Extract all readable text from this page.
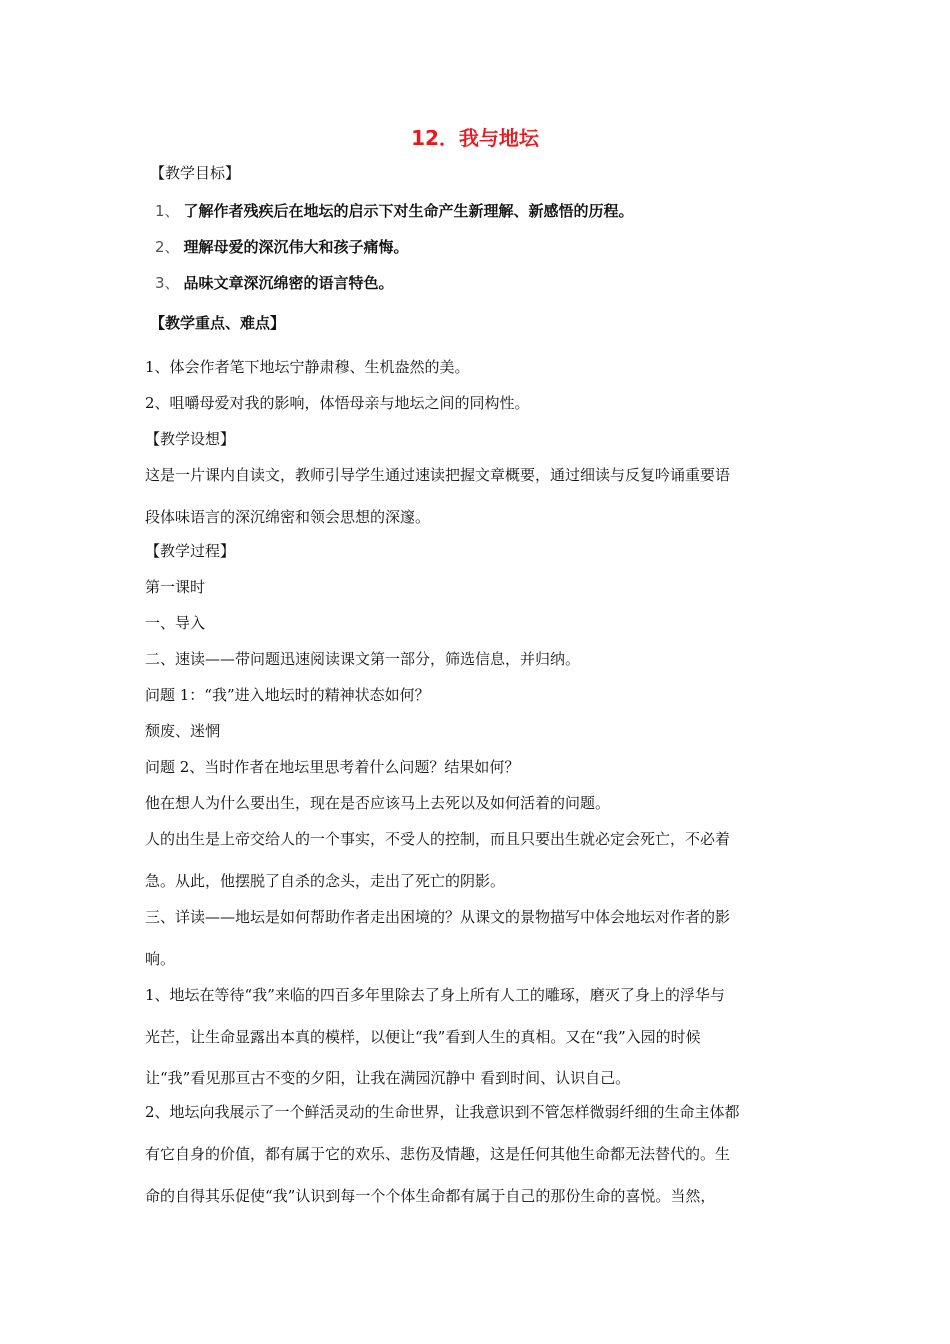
12．我与地坛
【教学目标】
1、 了解作者残疾后在地坛的启示下对生命产生新理解、新感悟的历程。
2、 理解母爱的深沉伟大和孩子痛悔。
3、 品味文章深沉绵密的语言特色。
【教学重点、难点】
1、体会作者笔下地坛宁静肃穆、生机盎然的美。
2、咀嚼母爱对我的影响，体悟母亲与地坛之间的同构性。
【教学设想】
这是一片课内自读文，教师引导学生通过速读把握文章概要，通过细读与反复吟诵重要语
段体味语言的深沉绵密和领会思想的深邃。
【教学过程】
第一课时
一、导入
二、速读——带问题迅速阅读课文第一部分，筛选信息，并归纳。
问题 1：“我”进入地坛时的精神状态如何？
颓废、迷惘
问题 2、当时作者在地坛里思考着什么问题？结果如何？
他在想人为什么要出生，现在是否应该马上去死以及如何活着的问题。
人的出生是上帝交给人的一个事实，不受人的控制，而且只要出生就必定会死亡，不必着
急。从此，他摆脱了自杀的念头，走出了死亡的阴影。
三、详读——地坛是如何帮助作者走出困境的？从课文的景物描写中体会地坛对作者的影
响。
1、地坛在等待“我”来临的四百多年里除去了身上所有人工的雕琢，磨灭了身上的浮华与
光芒，让生命显露出本真的模样，以便让“我”看到人生的真相。又在“我”入园的时候
让“我”看见那亘古不变的夕阳，让我在满园沉静中 看到时间、认识自己。
2、地坛向我展示了一个鲜活灵动的生命世界，让我意识到不管怎样微弱纤细的生命主体都
有它自身的价值，都有属于它的欢乐、悲伤及情趣，这是任何其他生命都无法替代的。生
命的自得其乐促使“我”认识到每一个个体生命都有属于自己的那份生命的喜悦。当然，
